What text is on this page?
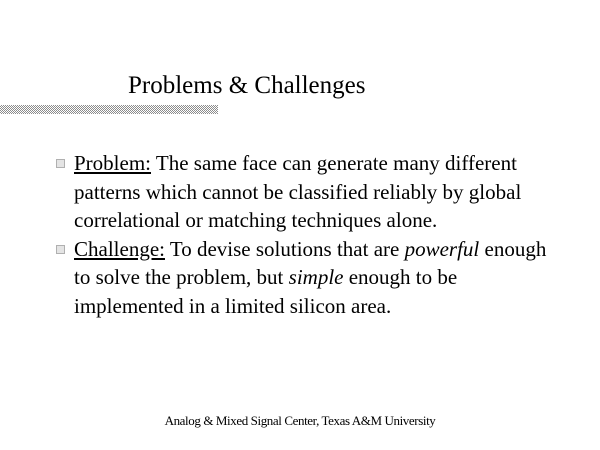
Problems & Challenges
Problem: The same face can generate many different patterns which cannot be classified reliably by global correlational or matching techniques alone.
Challenge: To devise solutions that are powerful enough to solve the problem, but simple enough to be implemented in a limited silicon area.
Analog & Mixed Signal Center, Texas A&M University
